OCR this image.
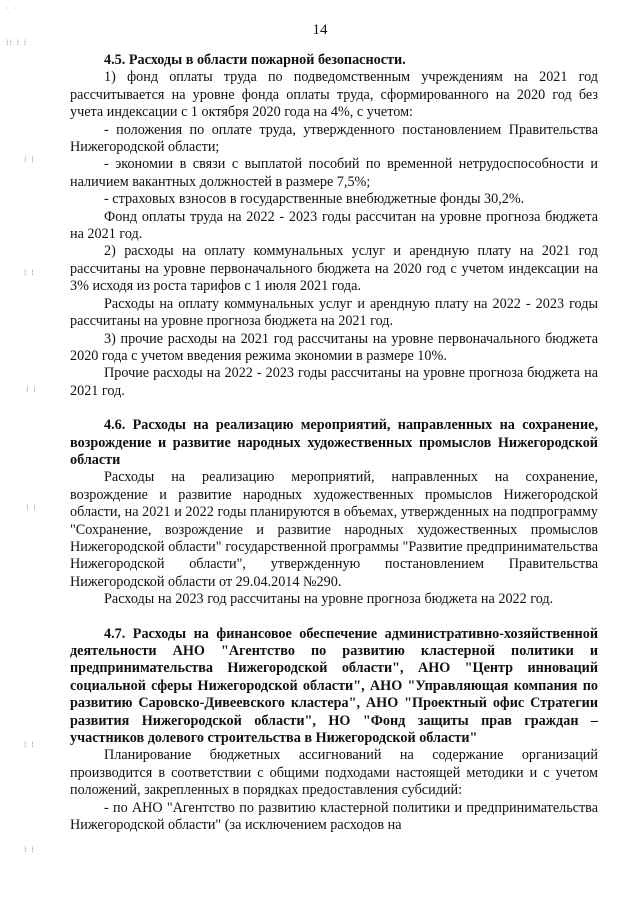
14
· ·
⁞⁞ ⁞ ⁞
⁞ ⁞
⁞ ⁞
⁞ ⁞
⁞ ⁞
⁞ ⁞
⁞ ⁞

4.5. Расходы в области пожарной безопасности.

1) фонд оплаты труда по подведомственным учреждениям на 2021 год рассчитывается на уровне фонда оплаты труда, сформированного на 2020 год без учета индексации с 1 октября 2020 года на 4%, с учетом:

- положения по оплате труда, утвержденного постановлением Правительства Нижегородской области;

- экономии в связи с выплатой пособий по временной нетрудоспособности и наличием вакантных должностей в размере 7,5%;

- страховых взносов в государственные внебюджетные фонды 30,2%.

Фонд оплаты труда на 2022 - 2023 годы рассчитан на уровне прогноза бюджета на 2021 год.

2) расходы на оплату коммунальных услуг и арендную плату на 2021 год рассчитаны на уровне первоначального бюджета на 2020 год с учетом индексации на 3% исходя из роста тарифов с 1 июля 2021 года.

Расходы на оплату коммунальных услуг и арендную плату на 2022 - 2023 годы рассчитаны на уровне прогноза бюджета на 2021 год.

3) прочие расходы на 2021 год рассчитаны на уровне первоначального бюджета 2020 года с учетом введения режима экономии в размере 10%.

Прочие расходы на 2022 - 2023 годы рассчитаны на уровне прогноза бюджета на 2021 год.

4.6. Расходы на реализацию мероприятий, направленных на сохранение, возрождение и развитие народных художественных промыслов Нижегородской области

Расходы на реализацию мероприятий, направленных на сохранение, возрождение и развитие народных художественных промыслов Нижегородской области, на 2021 и 2022 годы планируются в объемах, утвержденных на подпрограмму "Сохранение, возрождение и развитие народных художественных промыслов Нижегородской области" государственной программы "Развитие предпринимательства Нижегородской области", утвержденную постановлением Правительства Нижегородской области от 29.04.2014 №290.

Расходы на 2023 год рассчитаны на уровне прогноза бюджета на 2022 год.

4.7. Расходы на финансовое обеспечение административно-хозяйственной деятельности АНО "Агентство по развитию кластерной политики и предпринимательства Нижегородской области", АНО "Центр инноваций социальной сферы Нижегородской области", АНО "Управляющая компания по развитию Саровско-Дивеевского кластера", АНО "Проектный офис Стратегии развития Нижегородской области", НО "Фонд защиты прав граждан – участников долевого строительства в Нижегородской области"

Планирование бюджетных ассигнований на содержание организаций производится в соответствии с общими подходами настоящей методики и с учетом положений, закрепленных в порядках предоставления субсидий:

- по АНО "Агентство по развитию кластерной политики и предпринимательства Нижегородской области" (за исключением расходов на
